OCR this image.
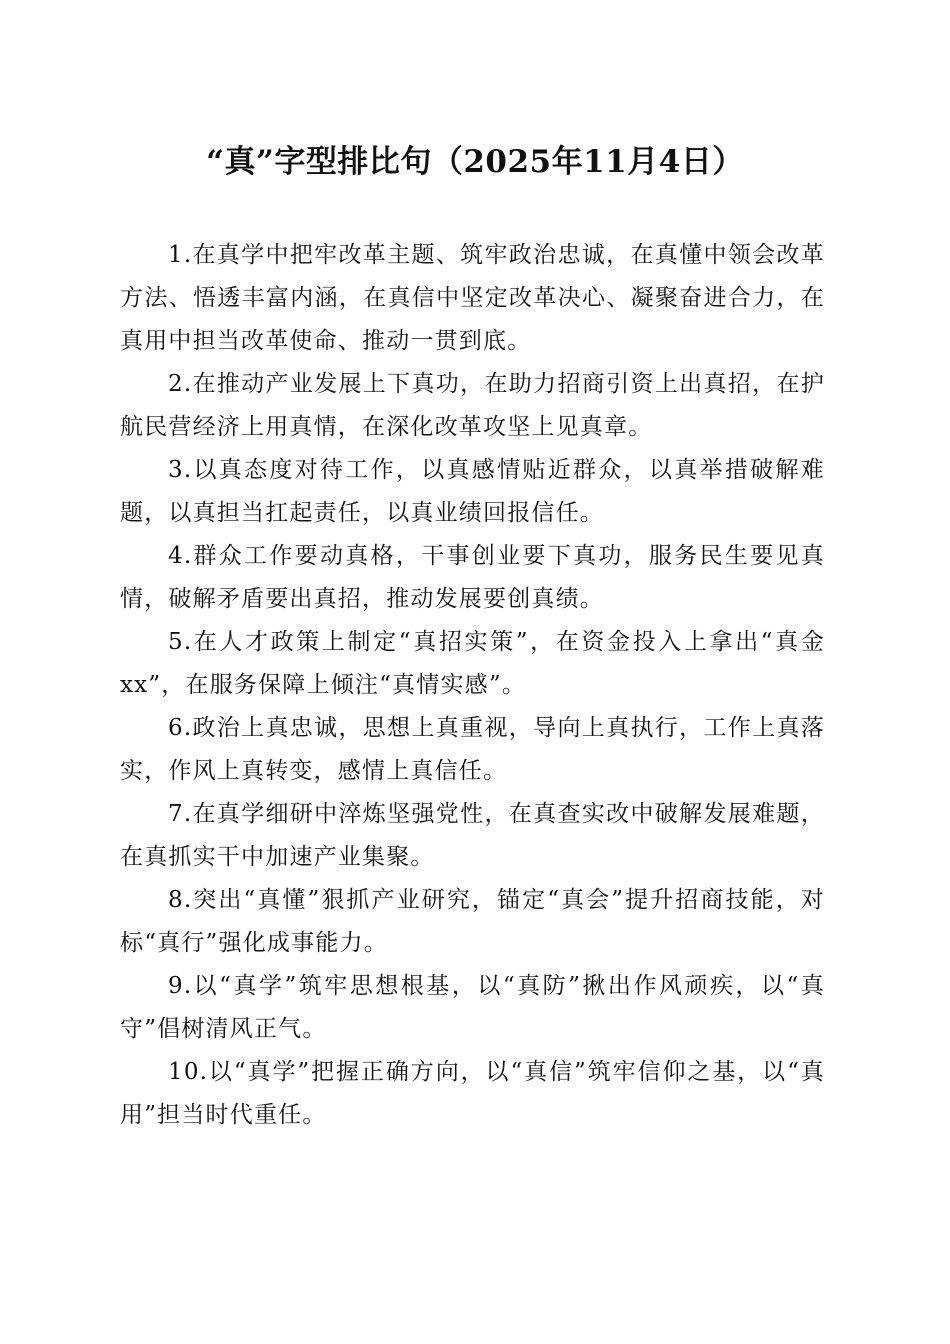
“真”字型排比句（2025年11月4日）

1.在真学中把牢改革主题、筑牢政治忠诚，在真懂中领会改革方法、悟透丰富内涵，在真信中坚定改革决心、凝聚奋进合力，在真用中担当改革使命、推动一贯到底。

2.在推动产业发展上下真功，在助力招商引资上出真招，在护航民营经济上用真情，在深化改革攻坚上见真章。

3.以真态度对待工作，以真感情贴近群众，以真举措破解难题，以真担当扛起责任，以真业绩回报信任。

4.群众工作要动真格，干事创业要下真功，服务民生要见真情，破解矛盾要出真招，推动发展要创真绩。

5.在人才政策上制定“真招实策”，在资金投入上拿出“真金xx”，在服务保障上倾注“真情实感”。

6.政治上真忠诚，思想上真重视，导向上真执行，工作上真落实，作风上真转变，感情上真信任。

7.在真学细研中淬炼坚强党性，在真查实改中破解发展难题，在真抓实干中加速产业集聚。

8.突出“真懂”狠抓产业研究，锚定“真会”提升招商技能，对标“真行”强化成事能力。

9.以“真学”筑牢思想根基，以“真防”揪出作风顽疾，以“真守”倡树清风正气。

10.以“真学”把握正确方向，以“真信”筑牢信仰之基，以“真用”担当时代重任。
